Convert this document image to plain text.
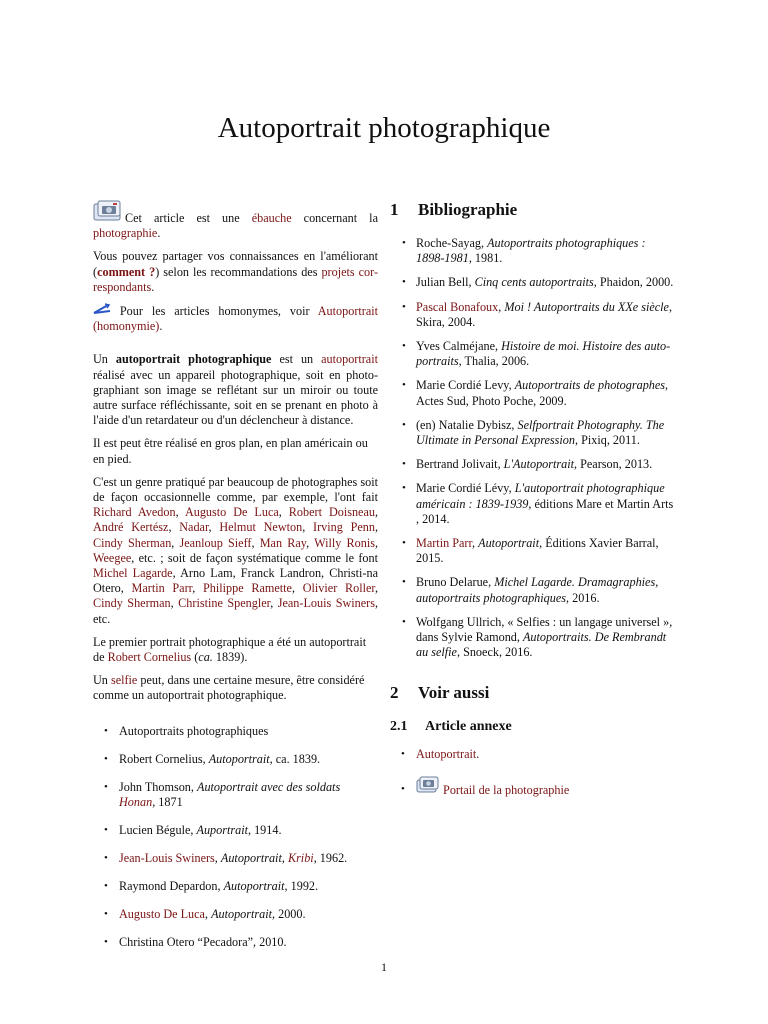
Autoportrait photographique

Cet article est une ébauche concernant la photographie.

Vous pouvez partager vos connaissances en l'améliorant (comment ?) selon les recommandations des projets cor-respondants.

Pour les articles homonymes, voir Autoportrait (homonymie).

Un autoportrait photographique est un autoportrait réalisé avec un appareil photographique, soit en photo-graphiant son image se reflétant sur un miroir ou toute autre surface réfléchissante, soit en se prenant en photo à l'aide d'un retardateur ou d'un déclencheur à distance.

Il est peut être réalisé en gros plan, en plan américain ou en pied.

C'est un genre pratiqué par beaucoup de photographes soit de façon occasionnelle comme, par exemple, l'ont fait Richard Avedon, Augusto De Luca, Robert Doisneau, André Kertész, Nadar, Helmut Newton, Irving Penn, Cindy Sherman, Jeanloup Sieff, Man Ray, Willy Ronis, Weegee, etc. ; soit de façon systématique comme le font Michel Lagarde, Arno Lam, Franck Landron, Christi-na Otero, Martin Parr, Philippe Ramette, Olivier Roller, Cindy Sherman, Christine Spengler, Jean-Louis Swiners, etc.

Le premier portrait photographique a été un autoportrait de Robert Cornelius (ca. 1839).

Un selfie peut, dans une certaine mesure, être considéré comme un autoportrait photographique.

• Autoportraits photographiques
• Robert Cornelius, Autoportrait, ca. 1839.
• John Thomson, Autoportrait avec des soldats Honan, 1871
• Lucien Bégule, Auportrait, 1914.
• Jean-Louis Swiners, Autoportrait, Kribi, 1962.
• Raymond Depardon, Autoportrait, 1992.
• Augusto De Luca, Autoportrait, 2000.
• Christina Otero “Pecadora”, 2010.
1 Bibliographie
• Roche-Sayag, Autoportraits photographiques : 1898-1981, 1981.
• Julian Bell, Cinq cents autoportraits, Phaidon, 2000.
• Pascal Bonafoux, Moi ! Autoportraits du XXe siècle, Skira, 2004.
• Yves Calméjane, Histoire de moi. Histoire des auto-portraits, Thalia, 2006.
• Marie Cordié Levy, Autoportraits de photographes, Actes Sud, Photo Poche, 2009.
• (en) Natalie Dybisz, Selfportrait Photography. The Ultimate in Personal Expression, Pixiq, 2011.
• Bertrand Jolivait, L'Autoportrait, Pearson, 2013.
• Marie Cordié Lévy, L'autoportrait photographique américain : 1839-1939, éditions Mare et Martin Arts , 2014.
• Martin Parr, Autoportrait, Éditions Xavier Barral, 2015.
• Bruno Delarue, Michel Lagarde. Dramagraphies, autoportraits photographiques, 2016.
• Wolfgang Ullrich, « Selfies : un langage universel », dans Sylvie Ramond, Autoportraits. De Rembrandt au selfie, Snoeck, 2016.
2 Voir aussi
2.1 Article annexe
• Autoportrait.
• Portail de la photographie
1
